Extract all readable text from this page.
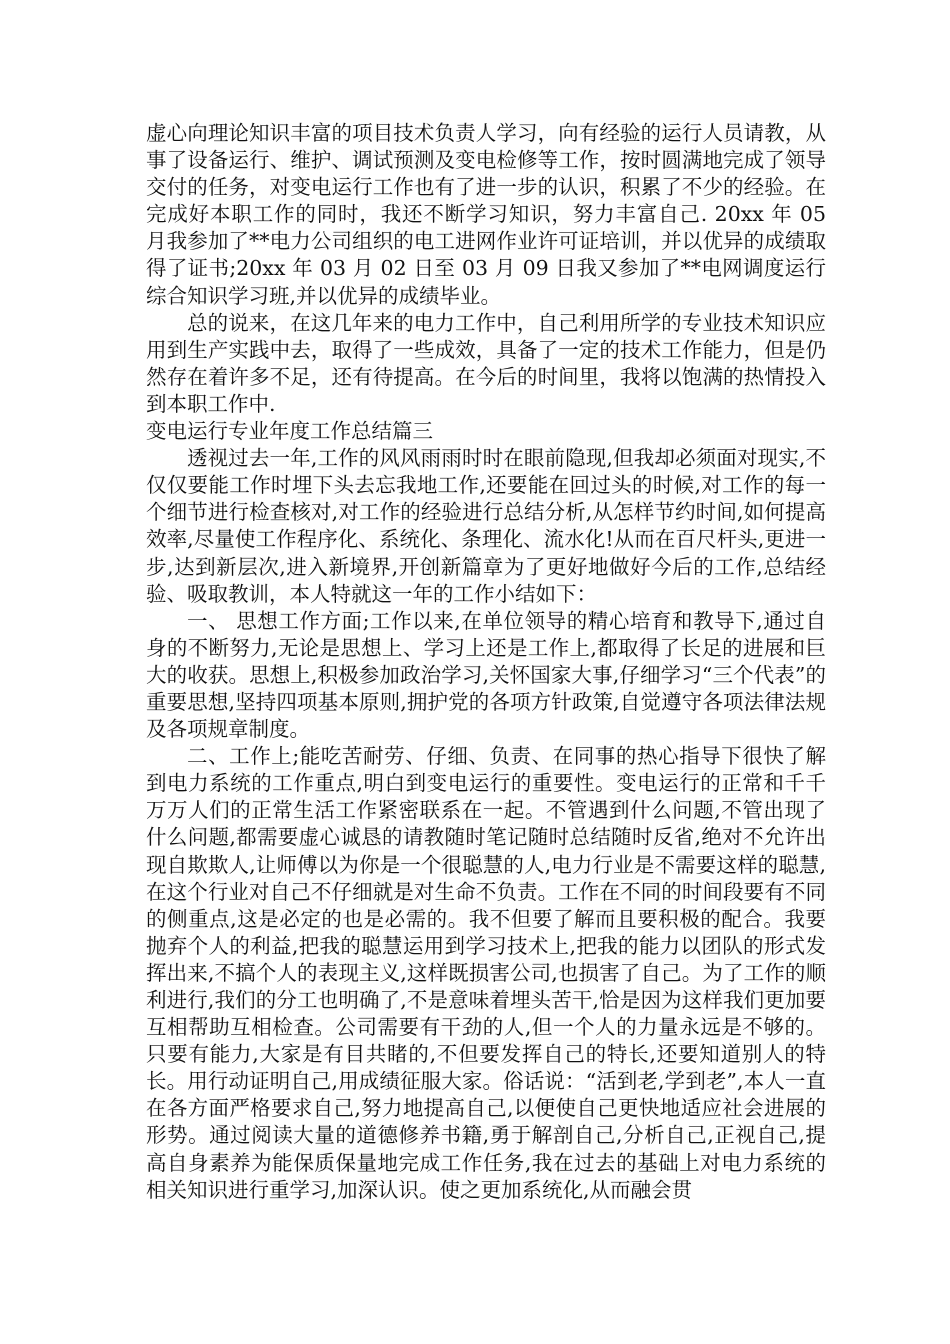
虚心向理论知识丰富的项目技术负责人学习，向有经验的运行人员请教，从事了设备运行、维护、调试预测及变电检修等工作，按时圆满地完成了领导交付的任务，对变电运行工作也有了进一步的认识，积累了不少的经验。在完成好本职工作的同时，我还不断学习知识，努力丰富自己. 20xx 年 05 月我参加了**电力公司组织的电工进网作业许可证培训，并以优异的成绩取得了证书;20xx 年 03 月 02 日至 03 月 09 日我又参加了**电网调度运行综合知识学习班,并以优异的成绩毕业。

总的说来，在这几年来的电力工作中，自己利用所学的专业技术知识应用到生产实践中去，取得了一些成效，具备了一定的技术工作能力，但是仍然存在着许多不足，还有待提高。在今后的时间里，我将以饱满的热情投入到本职工作中.

变电运行专业年度工作总结篇三

透视过去一年,工作的风风雨雨时时在眼前隐现,但我却必须面对现实,不仅仅要能工作时埋下头去忘我地工作,还要能在回过头的时候,对工作的每一个细节进行检查核对,对工作的经验进行总结分析,从怎样节约时间,如何提高效率,尽量使工作程序化、系统化、条理化、流水化!从而在百尺杆头,更进一步,达到新层次,进入新境界,开创新篇章为了更好地做好今后的工作,总结经验、吸取教训，本人特就这一年的工作小结如下：

一、 思想工作方面;工作以来,在单位领导的精心培育和教导下,通过自身的不断努力,无论是思想上、学习上还是工作上,都取得了长足的进展和巨大的收获。思想上,积极参加政治学习,关怀国家大事,仔细学习“三个代表”的重要思想,坚持四项基本原则,拥护党的各项方针政策,自觉遵守各项法律法规及各项规章制度。

二、工作上;能吃苦耐劳、仔细、负责、在同事的热心指导下很快了解到电力系统的工作重点,明白到变电运行的重要性。变电运行的正常和千千万万人们的正常生活工作紧密联系在一起。不管遇到什么问题,不管出现了什么问题,都需要虚心诚恳的请教随时笔记随时总结随时反省,绝对不允许出现自欺欺人,让师傅以为你是一个很聪慧的人,电力行业是不需要这样的聪慧,在这个行业对自己不仔细就是对生命不负责。工作在不同的时间段要有不同的侧重点,这是必定的也是必需的。我不但要了解而且要积极的配合。我要抛弃个人的利益,把我的聪慧运用到学习技术上,把我的能力以团队的形式发挥出来,不搞个人的表现主义,这样既损害公司,也损害了自己。为了工作的顺利进行,我们的分工也明确了,不是意味着埋头苦干,恰是因为这样我们更加要互相帮助互相检查。公司需要有干劲的人,但一个人的力量永远是不够的。只要有能力,大家是有目共睹的,不但要发挥自己的特长,还要知道别人的特长。用行动证明自己,用成绩征服大家。俗话说：“活到老,学到老”,本人一直在各方面严格要求自己,努力地提高自己,以便使自己更快地适应社会进展的形势。通过阅读大量的道德修养书籍,勇于解剖自己,分析自己,正视自己,提高自身素养为能保质保量地完成工作任务,我在过去的基础上对电力系统的相关知识进行重学习,加深认识。使之更加系统化,从而融会贯
